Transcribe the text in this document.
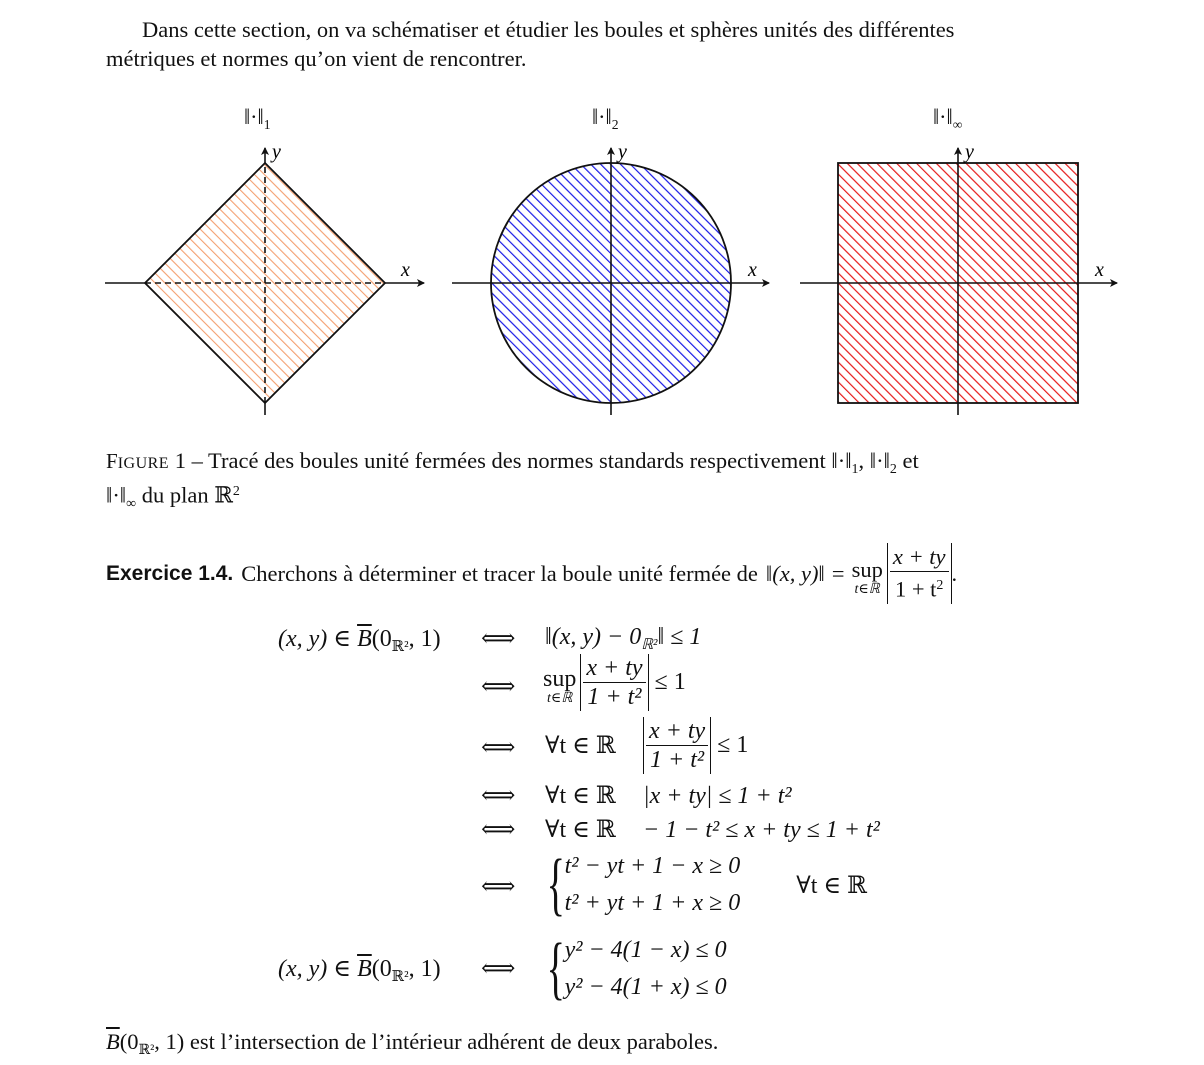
Dans cette section, on va schématiser et étudier les boules et sphères unités des différentes
métriques et normes qu’on vient de rencontrer.
$‖\cdot‖_1$	$‖\cdot‖_2$	$‖\cdot‖_\infty$
x
y
x
y
x
y
FIGURE 1 – Tracé des boules unité fermées des normes standards respectivement $‖\cdot‖_1$, $‖\cdot‖_2$ et
$‖\cdot‖_\infty$ du plan ℝ$^2$
Exercice 1.4. Cherchons à déterminer et tracer la boule unité fermée de ‖(x, y)‖ = sup
t∈ℝ $\frac{x + ty}{1 + t^2}$ .
(x, y) ∈ $\overline{B}(0_{ℝ^2}$, 1) ⟺ ‖(x, $y) - 0_{ℝ^2}‖ \le 1$
⟺ sup
t∈ℝ $\frac{x + ty}{\text{1 + t²}} \le 1$
⟺ ∀t ∈ ℝ	$\frac{x + ty}{\text{1 + t²}} \le 1$
⟺ ∀t ∈ ℝ |x + ty| ≤ 1 + t²
⟺ ∀t ∈ ℝ − 1 − t² ≤ x + ty ≤ 1 + t²
⟺ { t² − yt + 1 − x ≥ 0
t² + yt + 1 + x ≥ 0
∀t ∈ ℝ
(x, y) ∈ $\overline{B}(0_{ℝ^2}$, 1) ⟺ { y² − 4(1 − x) ≤ 0
y² − 4(1 + x) ≤ 0
$\overline{B}(0_{ℝ^2}$, 1) est l’intersection de l’intérieur adhérent de deux paraboles.
